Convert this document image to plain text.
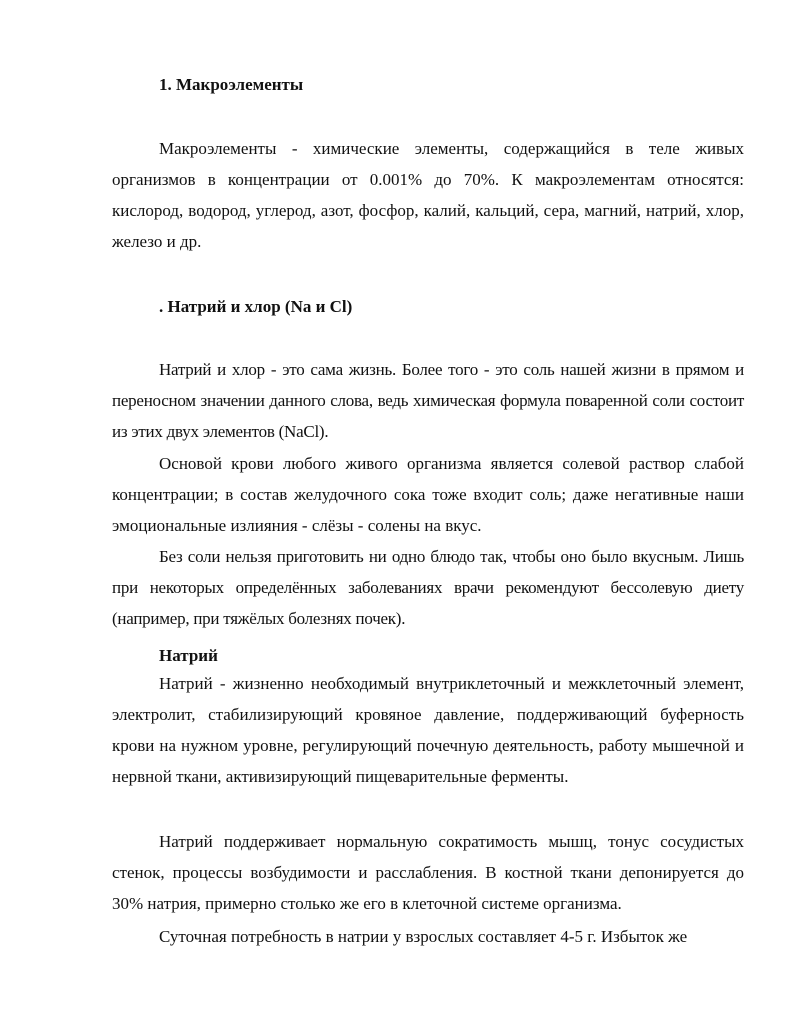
1. Макроэлементы

Макроэлементы - химические элементы, содержащийся в теле живых организмов в концентрации от 0.001% до 70%. К макроэлементам относятся: кислород, водород, углерод, азот, фосфор, калий, кальций, сера, магний, натрий, хлор, железо и др.

. Натрий и хлор (Na и Cl)

Натрий и хлор - это сама жизнь. Более того - это соль нашей жизни в прямом и переносном значении данного слова, ведь химическая формула поваренной соли состоит из этих двух элементов (NaCl).

Основой крови любого живого организма является солевой раствор слабой концентрации; в состав желудочного сока тоже входит соль; даже негативные наши эмоциональные излияния - слёзы - солены на вкус.

Без соли нельзя приготовить ни одно блюдо так, чтобы оно было вкусным. Лишь при некоторых определённых заболеваниях врачи рекомендуют бессолевую диету (например, при тяжёлых болезнях почек).

Натрий

Натрий - жизненно необходимый внутриклеточный и межклеточный элемент, электролит, стабилизирующий кровяное давление, поддерживающий буферность крови на нужном уровне, регулирующий почечную деятельность, работу мышечной и нервной ткани, активизирующий пищеварительные ферменты.

Натрий поддерживает нормальную сократимость мышц, тонус сосудистых стенок, процессы возбудимости и расслабления. В костной ткани депонируется до 30% натрия, примерно столько же его в клеточной системе организма.

Суточная потребность в натрии у взрослых составляет 4-5 г. Избыток же
